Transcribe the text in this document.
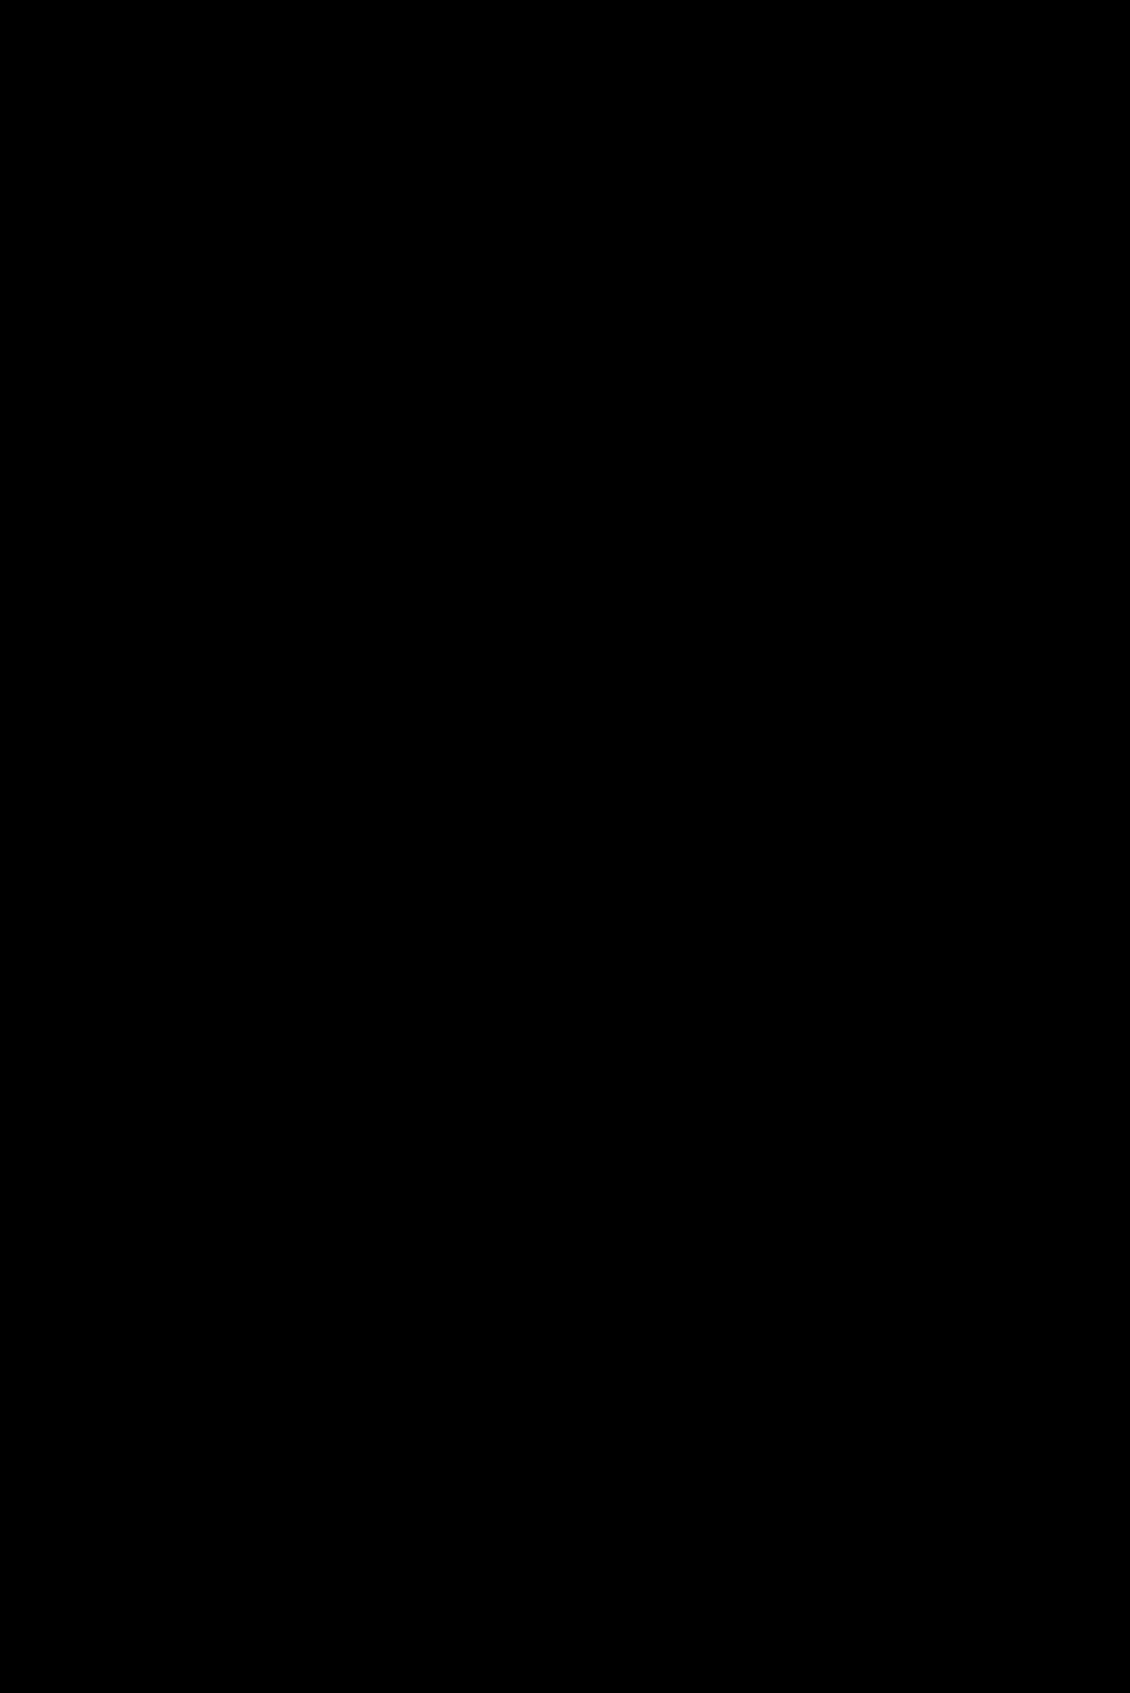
називають творчим генієм, є насправді здатністю розуміти механіку творчої кривої, свідомо чи несвідомо, і користуватися цією механікою для досягнення успіху в широкого загалу.

Хоч у якій галузі вони працюють, новатори, з якими я спілкувався, користуються на диво подібними методами. Вони розуміють, що таке знайоме, і впроваджують нове так, щоб аудиторія на нього зреагувала. Вони повільно змінюють свій творчий стиль, щоб підтримувати стабільно високий інтерес до своєї творчості.

Методи, які опанували ці творці, щоб у свою чергу опанувати творчу криву, я назвав законами творчої кривої. У цій книжці я окреслю й поясню чотири закони: закон споживання, закон наслідування, закон творчих спільнот і закон ітерацій.

Творчі генії систематично перевершують решту суспільства, підсвідомо чи свідомо застосовуючи закони творчої кривої, щоб створити придатну для налаштування систему успіху, яка допомагає їм відкривати чи створювати ідеї, що ідеально гармонійно поєднують знайоме і новітнє.

До кожного закону я подам наукове обґрунтування, а також практичні вказівки до застосування. Добра новина: ці закони можна прикласти до будь-якої творчої діяльності або творчої особистості.

Знову ж таки, традиційний погляд на творчість передбачає, що ми живемо у світі нескінченних можливостей і маємо просто почекати, доки й до нас проб’ється якась новаторська ідея. Нам кажуть, що такі щасливі моменти непередбачувані й можуть спіткати нас у будь-яку мить — у душі, в електричці, в залі засідань.

У цій книжці я докладно науково обґрунтую творчу криву і подам методологію, яка допоможе вам максимізувати шанси створити хіт — у будь-якій галузі.
